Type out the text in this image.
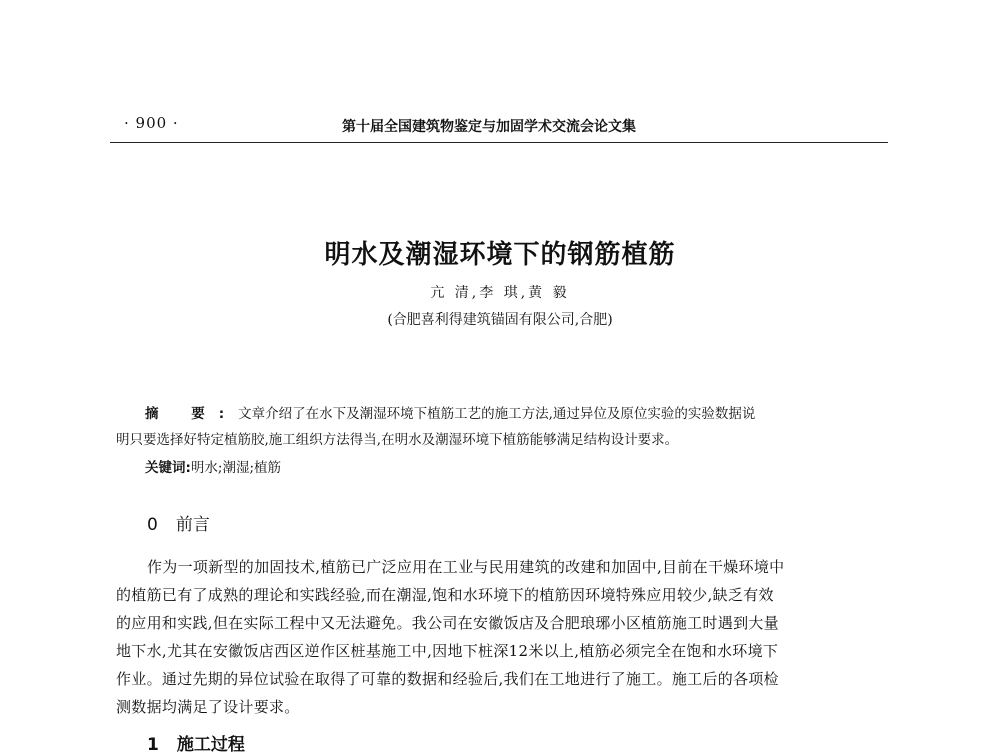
· 900 ·	第十届全国建筑物鉴定与加固学术交流会论文集
明水及潮湿环境下的钢筋植筋
亢 清,李 琪,黄 毅
(合肥喜利得建筑锚固有限公司,合肥)
摘 要:文章介绍了在水下及潮湿环境下植筋工艺的施工方法,通过异位及原位实验的实验数据说
明只要选择好特定植筋胶,施工组织方法得当,在明水及潮湿环境下植筋能够满足结构设计要求。
关键词:明水;潮湿;植筋
0 前言
作为一项新型的加固技术,植筋已广泛应用在工业与民用建筑的改建和加固中,目前在干燥环境中
的植筋已有了成熟的理论和实践经验,而在潮湿,饱和水环境下的植筋因环境特殊应用较少,缺乏有效
的应用和实践,但在实际工程中又无法避免。我公司在安徽饭店及合肥琅琊小区植筋施工时遇到大量
地下水,尤其在安徽饭店西区逆作区桩基施工中,因地下桩深12米以上,植筋必须完全在饱和水环境下
作业。通过先期的异位试验在取得了可靠的数据和经验后,我们在工地进行了施工。施工后的各项检
测数据均满足了设计要求。
1 施工过程
